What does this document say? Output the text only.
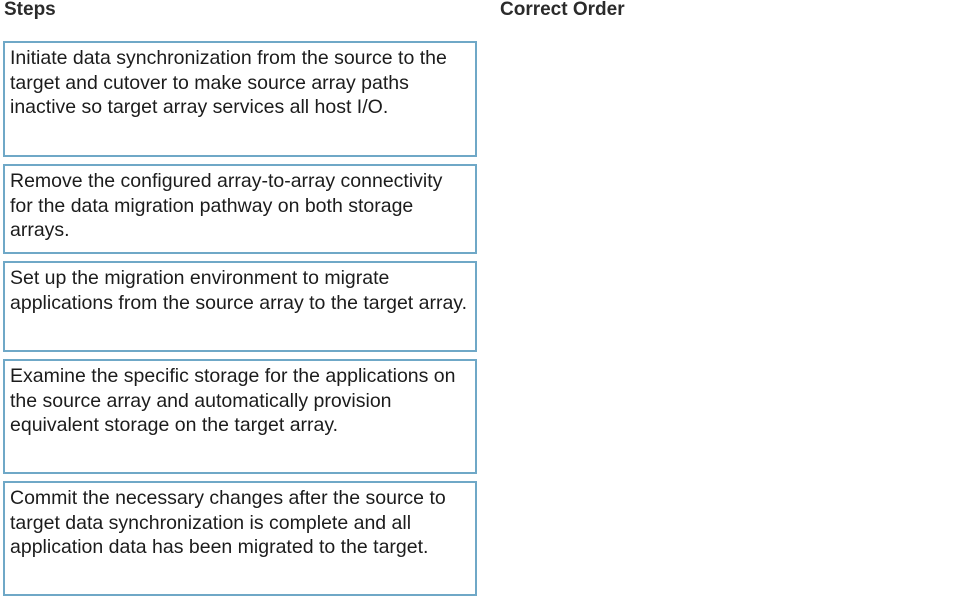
Steps	Correct Order
Initiate data synchronization from the source to the target and cutover to make source array paths inactive so target array services all host I/O.
Remove the configured array-to-array connectivity for the data migration pathway on both storage arrays.
Set up the migration environment to migrate applications from the source array to the target array.
Examine the specific storage for the applications on the source array and automatically provision equivalent storage on the target array.
Commit the necessary changes after the source to target data synchronization is complete and all application data has been migrated to the target.
